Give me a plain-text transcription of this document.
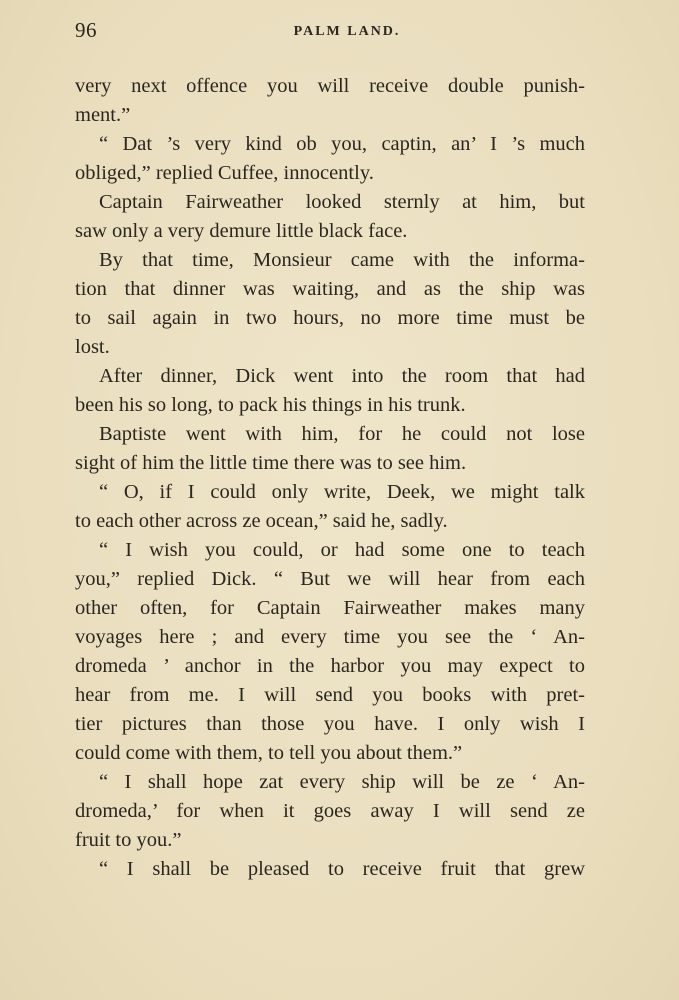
96	PALM LAND.
very next offence you will receive double punish-
ment.”
“ Dat ’s very kind ob you, captin, an’ I ’s much
obliged,” replied Cuffee, innocently.
Captain Fairweather looked sternly at him, but
saw only a very demure little black face.
By that time, Monsieur came with the informa-
tion that dinner was waiting, and as the ship was
to sail again in two hours, no more time must be
lost.
After dinner, Dick went into the room that had
been his so long, to pack his things in his trunk.
Baptiste went with him, for he could not lose
sight of him the little time there was to see him.
“ O, if I could only write, Deek, we might talk
to each other across ze ocean,” said he, sadly.
“ I wish you could, or had some one to teach
you,” replied Dick. “ But we will hear from each
other often, for Captain Fairweather makes many
voyages here ; and every time you see the ‘ An-
dromeda ’ anchor in the harbor you may expect to
hear from me. I will send you books with pret-
tier pictures than those you have. I only wish I
could come with them, to tell you about them.”
“ I shall hope zat every ship will be ze ‘ An-
dromeda,’ for when it goes away I will send ze
fruit to you.”
“ I shall be pleased to receive fruit that grew
